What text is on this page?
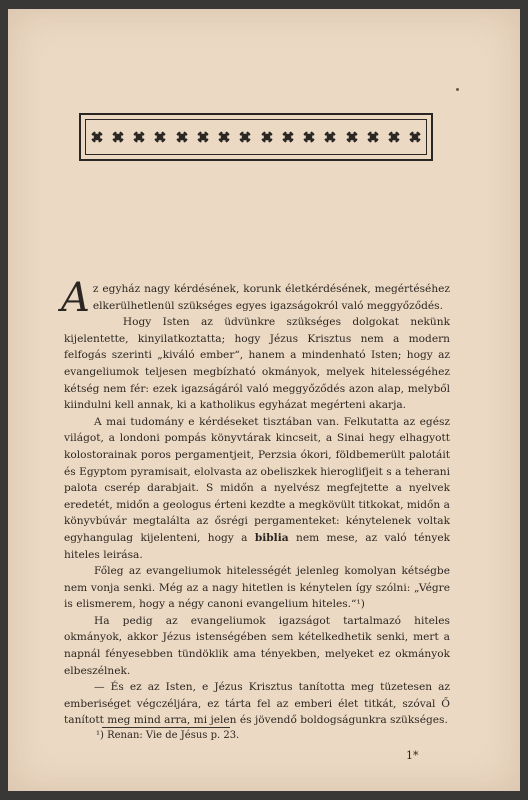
Az egyház nagy kérdésének, korunk életkérdésének, megértéséhez elkerülhetlenül szükséges egyes igazságokról való meggyőződés.

Hogy Isten az üdvünkre szükséges dolgokat nekünk kijelentette, kinyilatkoztatta; hogy Jézus Krisztus nem a modern felfogás szerinti „kiváló ember“, hanem a mindenható Isten; hogy az evangeliumok teljesen megbízható okmányok, melyek hitelességéhez kétség nem fér: ezek igazságáról való meggyőződés azon alap, melyből kiindulni kell annak, ki a katholikus egyházat megérteni akarja.

A mai tudomány e kérdéseket tisztában van. Felkutatta az egész világot, a londoni pompás könyvtárak kincseit, a Sinai hegy elhagyott kolostorainak poros pergamentjeit, Perzsia ókori, földbemerült palotáit és Egyptom pyramisait, elolvasta az obeliszkek hieroglifjeit s a teherani palota cserép darabjait. S midőn a nyelvész megfejtette a nyelvek eredetét, midőn a geologus érteni kezdte a megkövült titkokat, midőn a könyvbúvár megtalálta az ősrégi pergamenteket: kénytelenek voltak egyhangulag kijelenteni, hogy a biblia nem mese, az való tények hiteles leirása.

Főleg az evangeliumok hitelességét jelenleg komolyan kétségbe nem vonja senki. Még az a nagy hitetlen is kénytelen így szólni: „Végre is elismerem, hogy a négy canoni evangelium hiteles.“¹)

Ha pedig az evangeliumok igazságot tartalmazó hiteles okmányok, akkor Jézus istenségében sem kételkedhetik senki, mert a napnál fényesebben tündöklik ama tényekben, melyeket ez okmányok elbeszélnek.

— És ez az Isten, e Jézus Krisztus tanította meg tüzetesen az emberiséget végczéljára, ez tárta fel az emberi élet titkát, szóval Ő tanított meg mind arra, mi jelen és jövendő boldogságunkra szükséges.

¹) Renan: Vie de Jésus p. 23.
1*
